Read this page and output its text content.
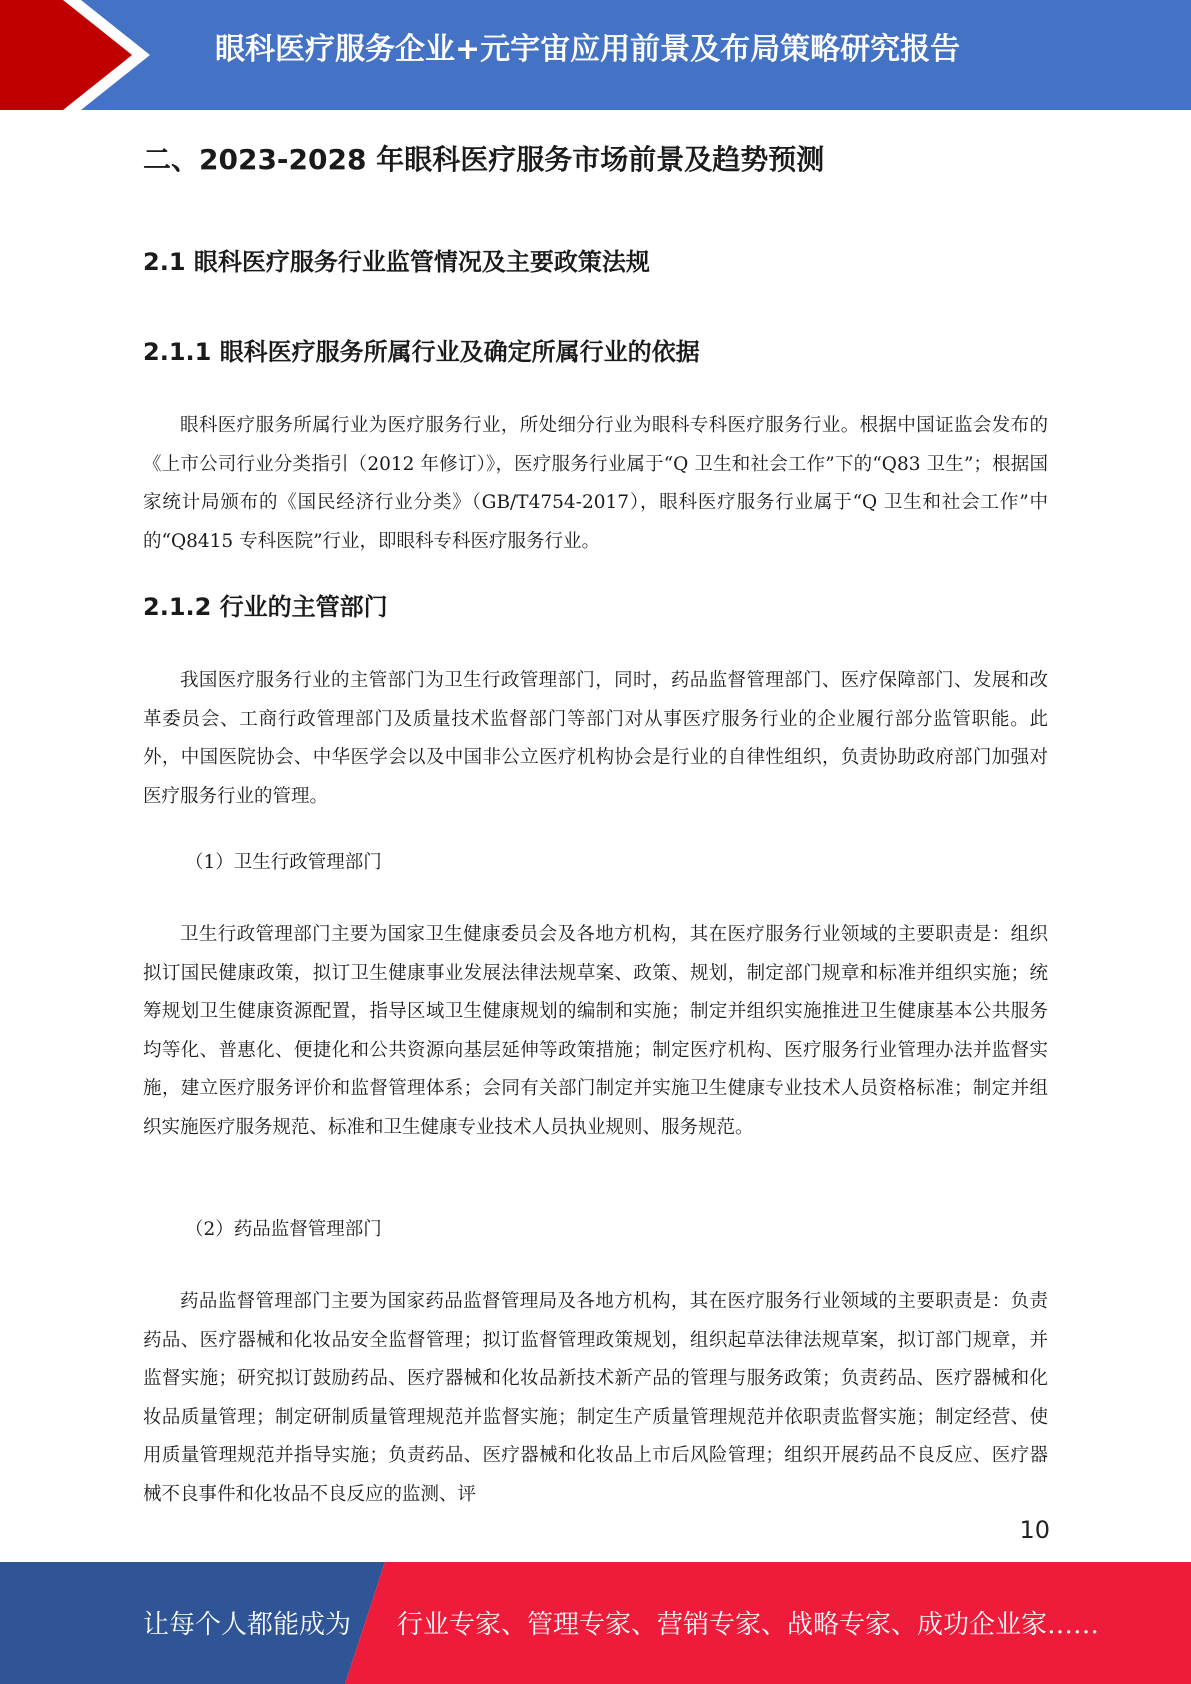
眼科医疗服务企业+元宇宙应用前景及布局策略研究报告
二、2023-2028 年眼科医疗服务市场前景及趋势预测
2.1 眼科医疗服务行业监管情况及主要政策法规
2.1.1 眼科医疗服务所属行业及确定所属行业的依据

眼科医疗服务所属行业为医疗服务行业，所处细分行业为眼科专科医疗服务行业。根据中国证监会发布的《上市公司行业分类指引（2012 年修订）》，医疗服务行业属于“Q 卫生和社会工作”下的“Q83 卫生”；根据国家统计局颁布的《国民经济行业分类》（GB/T4754-2017），眼科医疗服务行业属于“Q 卫生和社会工作”中的“Q8415 专科医院”行业，即眼科专科医疗服务行业。

2.1.2 行业的主管部门

我国医疗服务行业的主管部门为卫生行政管理部门，同时，药品监督管理部门、医疗保障部门、发展和改革委员会、工商行政管理部门及质量技术监督部门等部门对从事医疗服务行业的企业履行部分监管职能。此外，中国医院协会、中华医学会以及中国非公立医疗机构协会是行业的自律性组织，负责协助政府部门加强对医疗服务行业的管理。

（1）卫生行政管理部门

卫生行政管理部门主要为国家卫生健康委员会及各地方机构，其在医疗服务行业领域的主要职责是：组织拟订国民健康政策，拟订卫生健康事业发展法律法规草案、政策、规划，制定部门规章和标准并组织实施；统筹规划卫生健康资源配置，指导区域卫生健康规划的编制和实施；制定并组织实施推进卫生健康基本公共服务均等化、普惠化、便捷化和公共资源向基层延伸等政策措施；制定医疗机构、医疗服务行业管理办法并监督实施，建立医疗服务评价和监督管理体系；会同有关部门制定并实施卫生健康专业技术人员资格标准；制定并组织实施医疗服务规范、标准和卫生健康专业技术人员执业规则、服务规范。

（2）药品监督管理部门

药品监督管理部门主要为国家药品监督管理局及各地方机构，其在医疗服务行业领域的主要职责是：负责药品、医疗器械和化妆品安全监督管理；拟订监督管理政策规划，组织起草法律法规草案，拟订部门规章，并监督实施；研究拟订鼓励药品、医疗器械和化妆品新技术新产品的管理与服务政策；负责药品、医疗器械和化妆品质量管理；制定研制质量管理规范并监督实施；制定生产质量管理规范并依职责监督实施；制定经营、使用质量管理规范并指导实施；负责药品、医疗器械和化妆品上市后风险管理；组织开展药品不良反应、医疗器械不良事件和化妆品不良反应的监测、评

10
让每个人都能成为 行业专家、管理专家、营销专家、战略专家、成功企业家……
